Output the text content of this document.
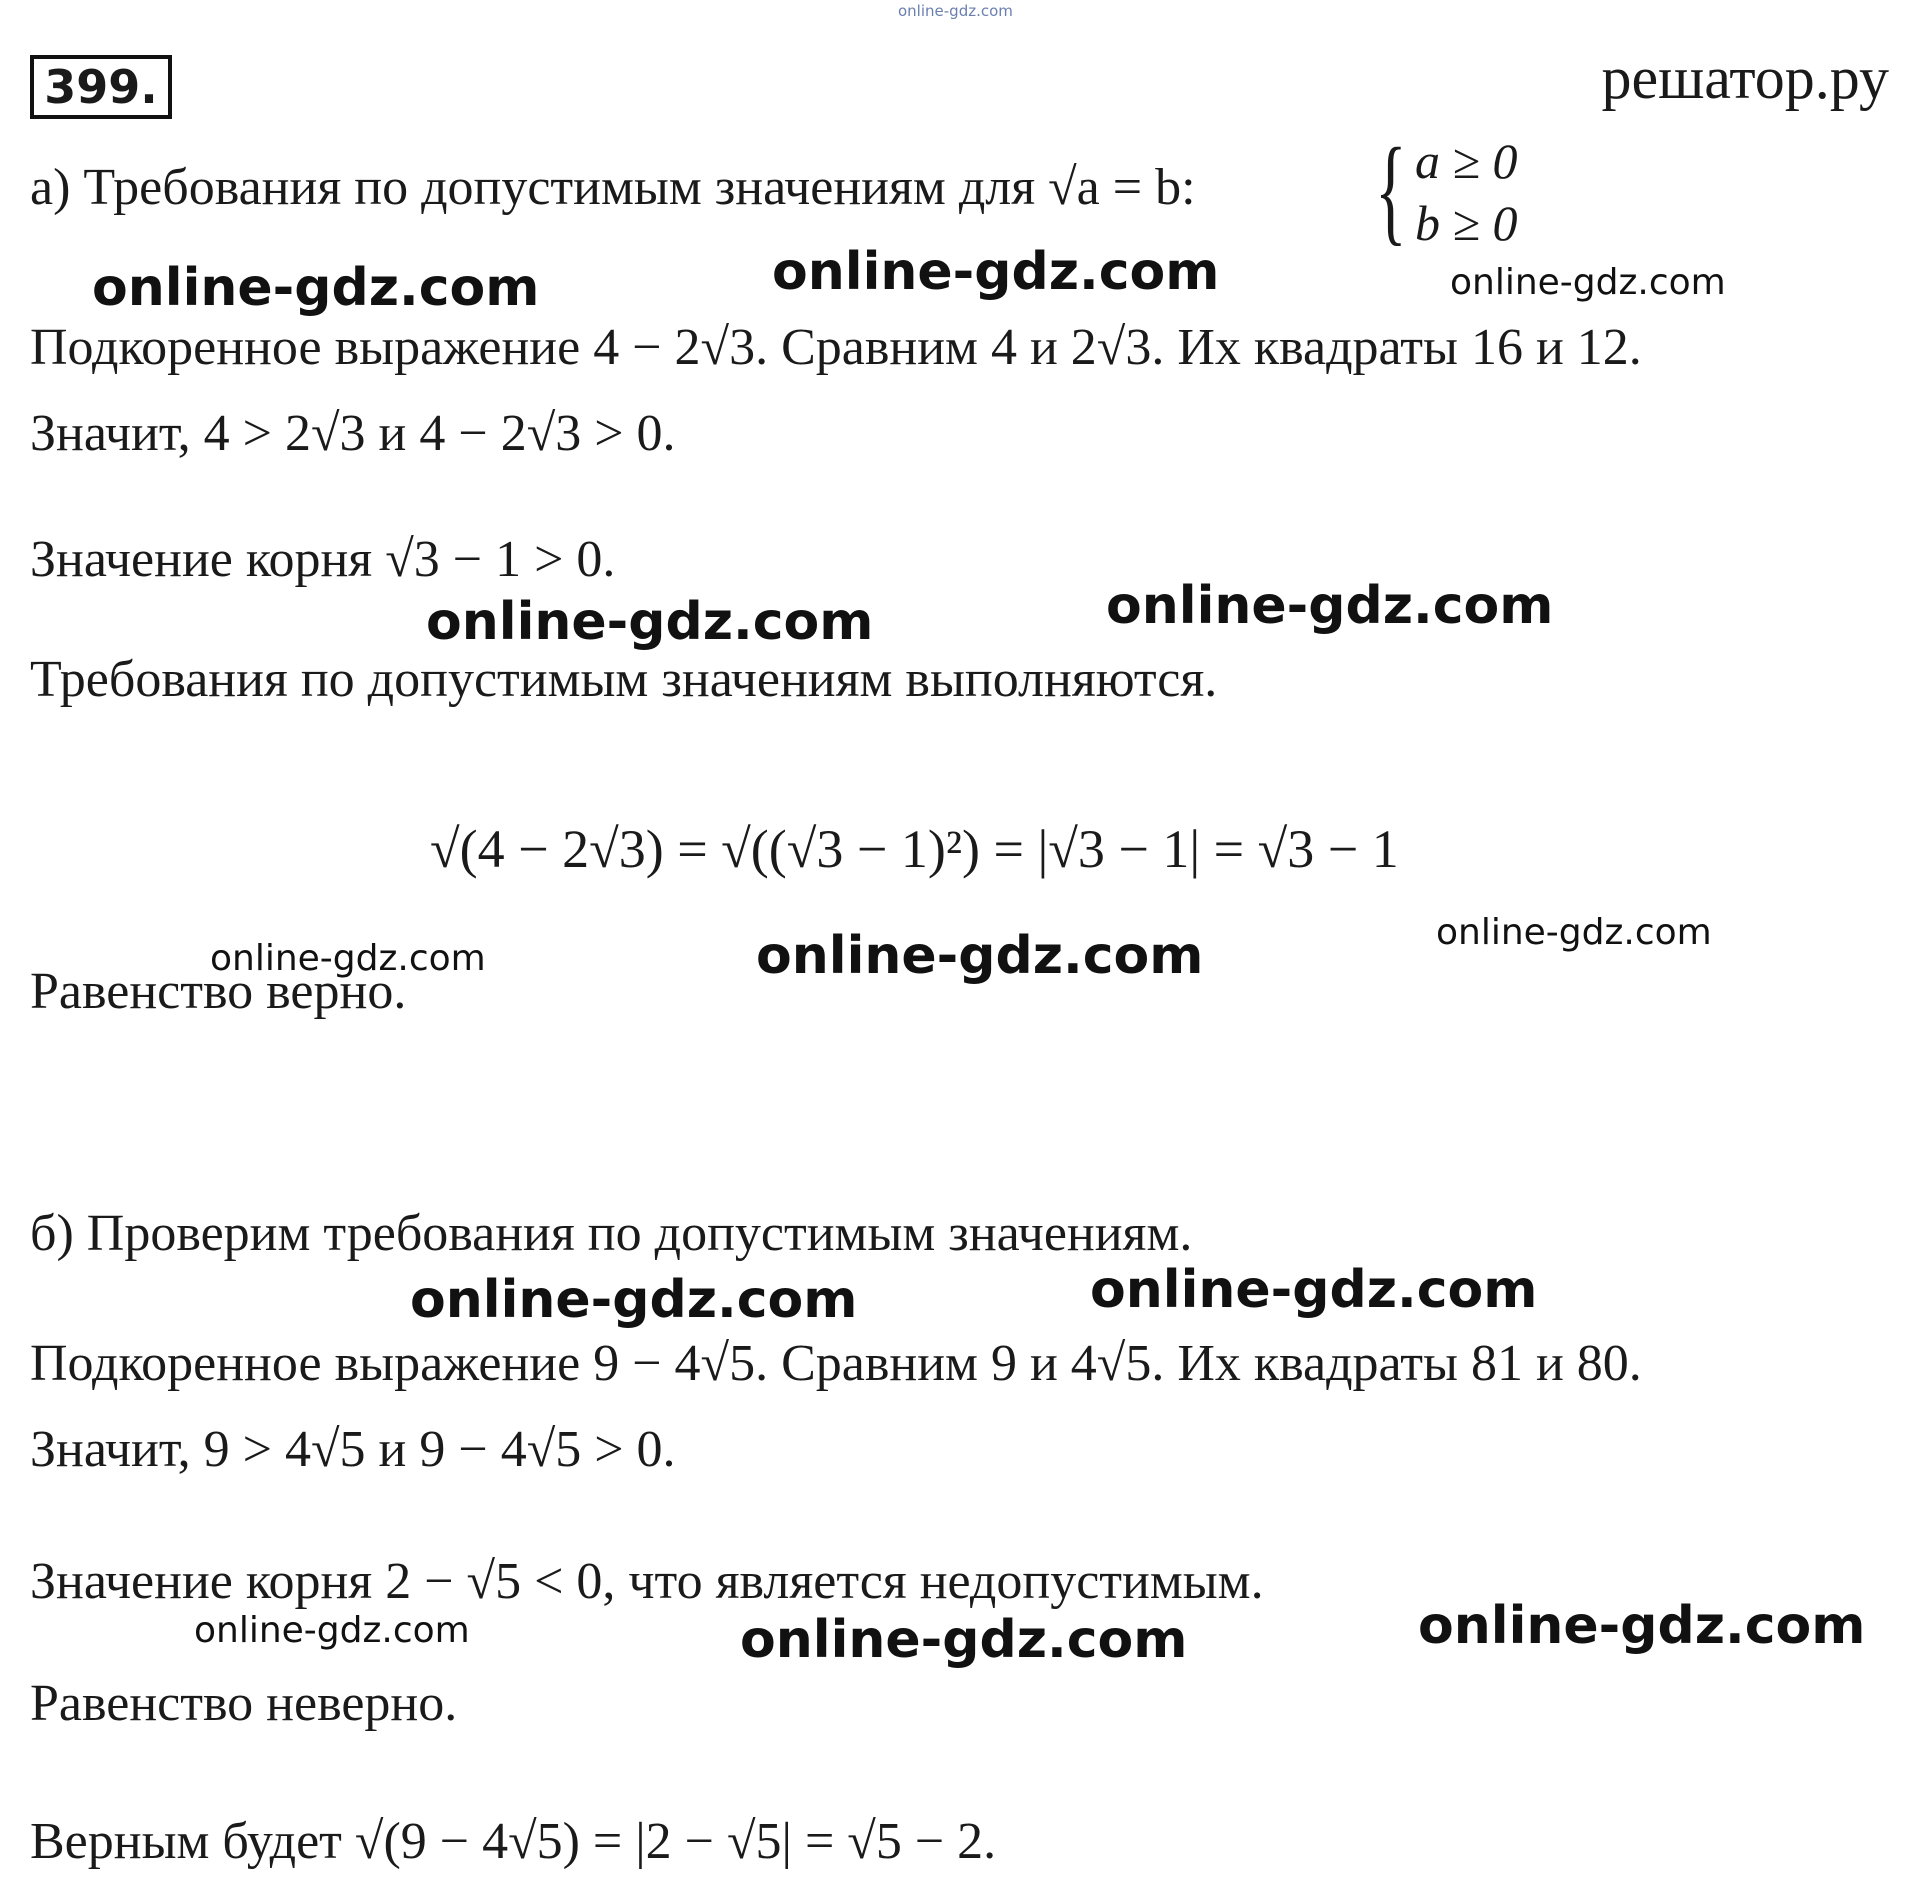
online-gdz.com
399.	решатор.ру
а) Требования по допустимым значениям для √a = b: { a ≥ 0
b ≥ 0
online-gdz.com	online-gdz.com	online-gdz.com
Подкоренное выражение 4 − 2√3. Сравним 4 и 2√3. Их квадраты 16 и 12.
Значит, 4 > 2√3 и 4 − 2√3 > 0.
Значение корня √3 − 1 > 0.
online-gdz.com	online-gdz.com
Требования по допустимым значениям выполняются.
√(4 − 2√3) = √((√3 − 1)²) = |√3 − 1| = √3 − 1
online-gdz.com	online-gdz.com	online-gdz.com
Равенство верно.
б) Проверим требования по допустимым значениям.
online-gdz.com	online-gdz.com
Подкоренное выражение 9 − 4√5. Сравним 9 и 4√5. Их квадраты 81 и 80.
Значит, 9 > 4√5 и 9 − 4√5 > 0.
Значение корня 2 − √5 < 0, что является недопустимым.
online-gdz.com	online-gdz.com	online-gdz.com
Равенство неверно.
Верным будет √(9 − 4√5) = |2 − √5| = √5 − 2.
